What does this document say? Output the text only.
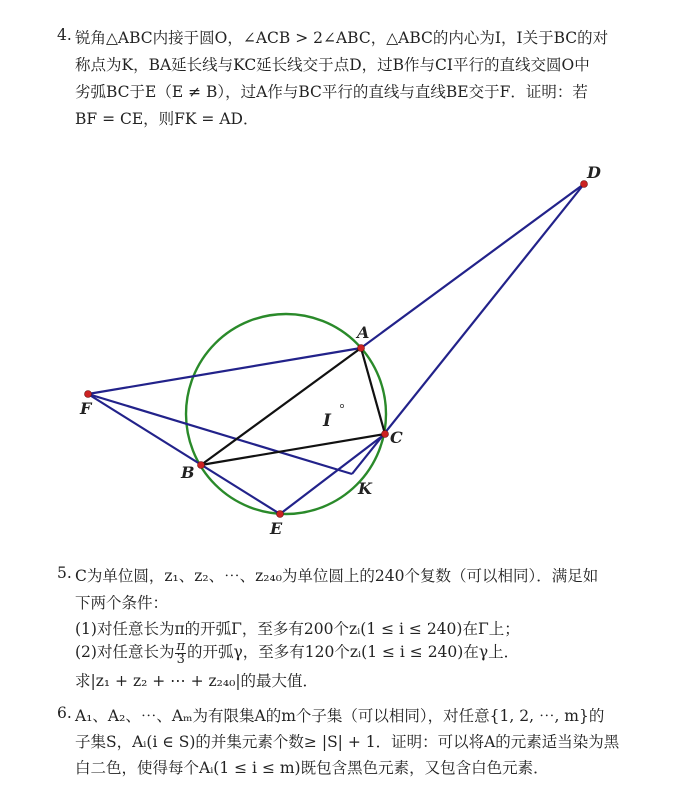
4. 锐角△ABC内接于圆O，∠ACB > 2∠ABC，△ABC的内心为I，I关于BC的对
称点为K，BA延长线与KC延长线交于点D，过B作与CI平行的直线交圆O中
劣弧BC于E（E ≠ B），过A作与BC平行的直线与直线BE交于F．证明：若
BF = CE，则FK = AD．
D
A
F
I
C
B
K
E
5. C为单位圆，z₁、z₂、⋯、z₂₄₀为单位圆上的240个复数（可以相同）．满足如
下两个条件：
(1)对任意长为π的开弧Γ，至多有200个zᵢ(1 ≤ i ≤ 240)在Γ上；
(2)对任意长为 $\frac{\pi}{3}$ 的开弧γ，至多有120个zᵢ(1 ≤ i ≤ 240)在γ上．
求|z₁ + z₂ + ⋯ + z₂₄₀|的最大值．
6. A₁、A₂、⋯、Aₘ为有限集A的m个子集（可以相同），对任意{1, 2, ⋯, m}的
子集S，Aᵢ(i ∈ S)的并集元素个数≥ |S| + 1．证明：可以将A的元素适当染为黑
白二色，使得每个Aᵢ(1 ≤ i ≤ m)既包含黑色元素，又包含白色元素．
